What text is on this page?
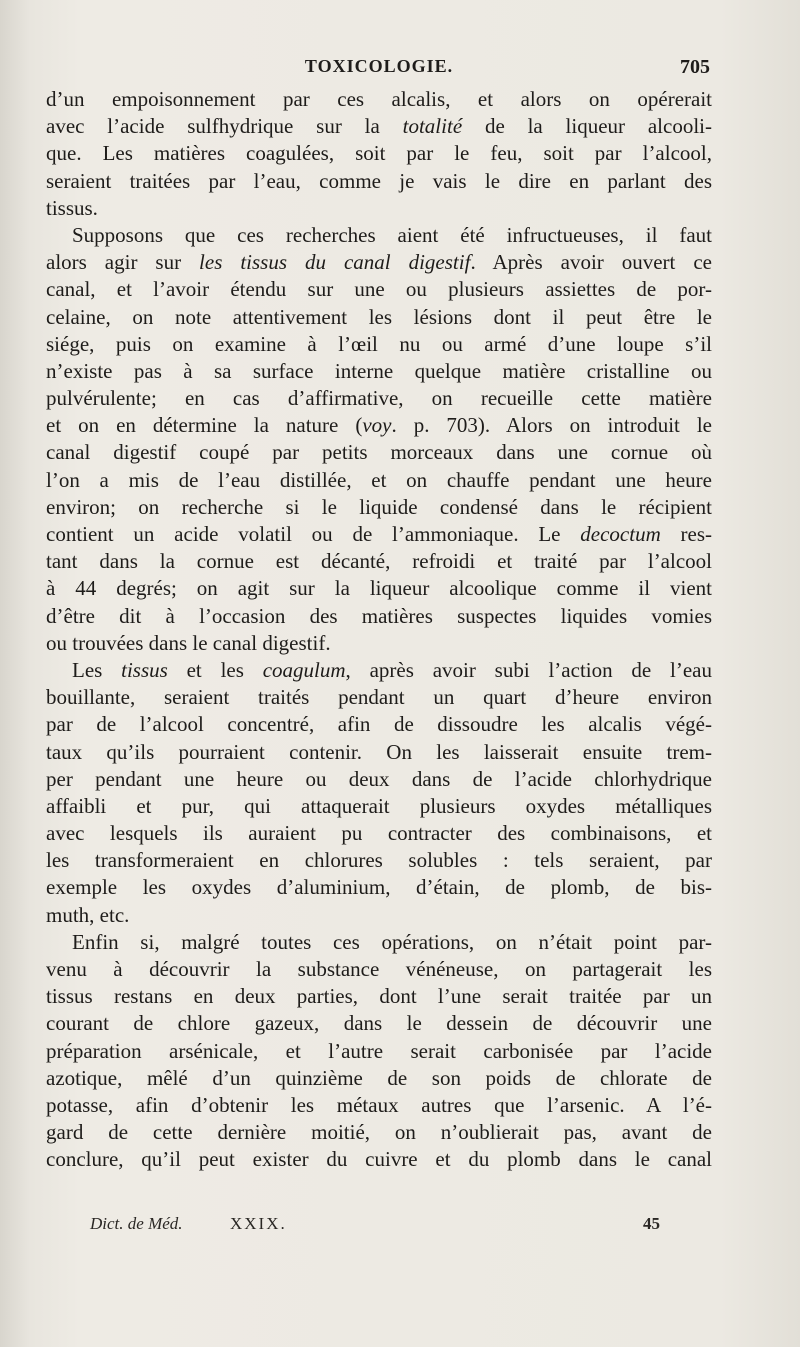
TOXICOLOGIE.	705

d’un empoisonnement par ces alcalis, et alors on opérerait
avec l’acide sulfhydrique sur la totalité de la liqueur alcooli-
que. Les matières coagulées, soit par le feu, soit par l’alcool,
seraient traitées par l’eau, comme je vais le dire en parlant des
tissus.

Supposons que ces recherches aient été infructueuses, il faut
alors agir sur les tissus du canal digestif. Après avoir ouvert ce
canal, et l’avoir étendu sur une ou plusieurs assiettes de por-
celaine, on note attentivement les lésions dont il peut être le
siége, puis on examine à l’œil nu ou armé d’une loupe s’il
n’existe pas à sa surface interne quelque matière cristalline ou
pulvérulente; en cas d’affirmative, on recueille cette matière
et on en détermine la nature (voy. p. 703). Alors on introduit le
canal digestif coupé par petits morceaux dans une cornue où
l’on a mis de l’eau distillée, et on chauffe pendant une heure
environ; on recherche si le liquide condensé dans le récipient
contient un acide volatil ou de l’ammoniaque. Le decoctum res-
tant dans la cornue est décanté, refroidi et traité par l’alcool
à 44 degrés; on agit sur la liqueur alcoolique comme il vient
d’être dit à l’occasion des matières suspectes liquides vomies
ou trouvées dans le canal digestif.

Les tissus et les coagulum, après avoir subi l’action de l’eau
bouillante, seraient traités pendant un quart d’heure environ
par de l’alcool concentré, afin de dissoudre les alcalis végé-
taux qu’ils pourraient contenir. On les laisserait ensuite trem-
per pendant une heure ou deux dans de l’acide chlorhydrique
affaibli et pur, qui attaquerait plusieurs oxydes métalliques
avec lesquels ils auraient pu contracter des combinaisons, et
les transformeraient en chlorures solubles : tels seraient, par
exemple les oxydes d’aluminium, d’étain, de plomb, de bis-
muth, etc.

Enfin si, malgré toutes ces opérations, on n’était point par-
venu à découvrir la substance vénéneuse, on partagerait les
tissus restans en deux parties, dont l’une serait traitée par un
courant de chlore gazeux, dans le dessein de découvrir une
préparation arsénicale, et l’autre serait carbonisée par l’acide
azotique, mêlé d’un quinzième de son poids de chlorate de
potasse, afin d’obtenir les métaux autres que l’arsenic. A l’é-
gard de cette dernière moitié, on n’oublierait pas, avant de
conclure, qu’il peut exister du cuivre et du plomb dans le canal

Dict. de Méd.	XXIX.	45
